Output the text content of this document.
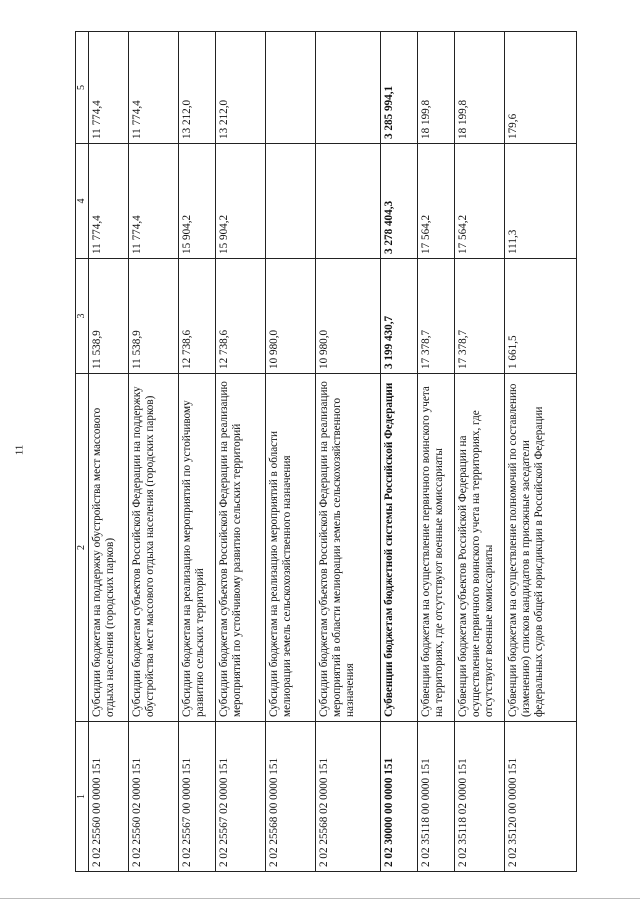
11
1	2	3	4	5
2 02 25560 00 0000 151	Субсидии бюджетам на поддержку обустройства мест массового отдыха населения (городских парков)	11 538,9	11 774,4	11 774,4
2 02 25560 02 0000 151	Субсидии бюджетам субъектов Российской Федерации на поддержку обустройства мест массового отдыха населения (городских парков)	11 538,9	11 774,4	11 774,4
2 02 25567 00 0000 151	Субсидии бюджетам на реализацию мероприятий по устойчивому развитию сельских территорий	12 738,6	15 904,2	13 212,0
2 02 25567 02 0000 151	Субсидии бюджетам субъектов Российской Федерации на реализацию мероприятий по устойчивому развитию сельских территорий	12 738,6	15 904,2	13 212,0
2 02 25568 00 0000 151	Субсидии бюджетам на реализацию мероприятий в области мелиорации земель сельскохозяйственного назначения	10 980,0		
2 02 25568 02 0000 151	Субсидии бюджетам субъектов Российской Федерации на реализацию мероприятий в области мелиорации земель сельскохозяйственного назначения	10 980,0		
2 02 30000 00 0000 151	Субвенции бюджетам бюджетной системы Российской Федерации	3 199 430,7	3 278 404,3	3 285 994,1
2 02 35118 00 0000 151	Субвенции бюджетам на осуществление первичного воинского учета на территориях, где отсутствуют военные комиссариаты	17 378,7	17 564,2	18 199,8
2 02 35118 02 0000 151	Субвенции бюджетам субъектов Российской Федерации на осуществление первичного воинского учета на территориях, где отсутствуют военные комиссариаты	17 378,7	17 564,2	18 199,8
2 02 35120 00 0000 151	Субвенции бюджетам на осуществление полномочий по составлению (изменению) списков кандидатов в присяжные заседатели федеральных судов общей юрисдикции в Российской Федерации	1 661,5	111,3	179,6
